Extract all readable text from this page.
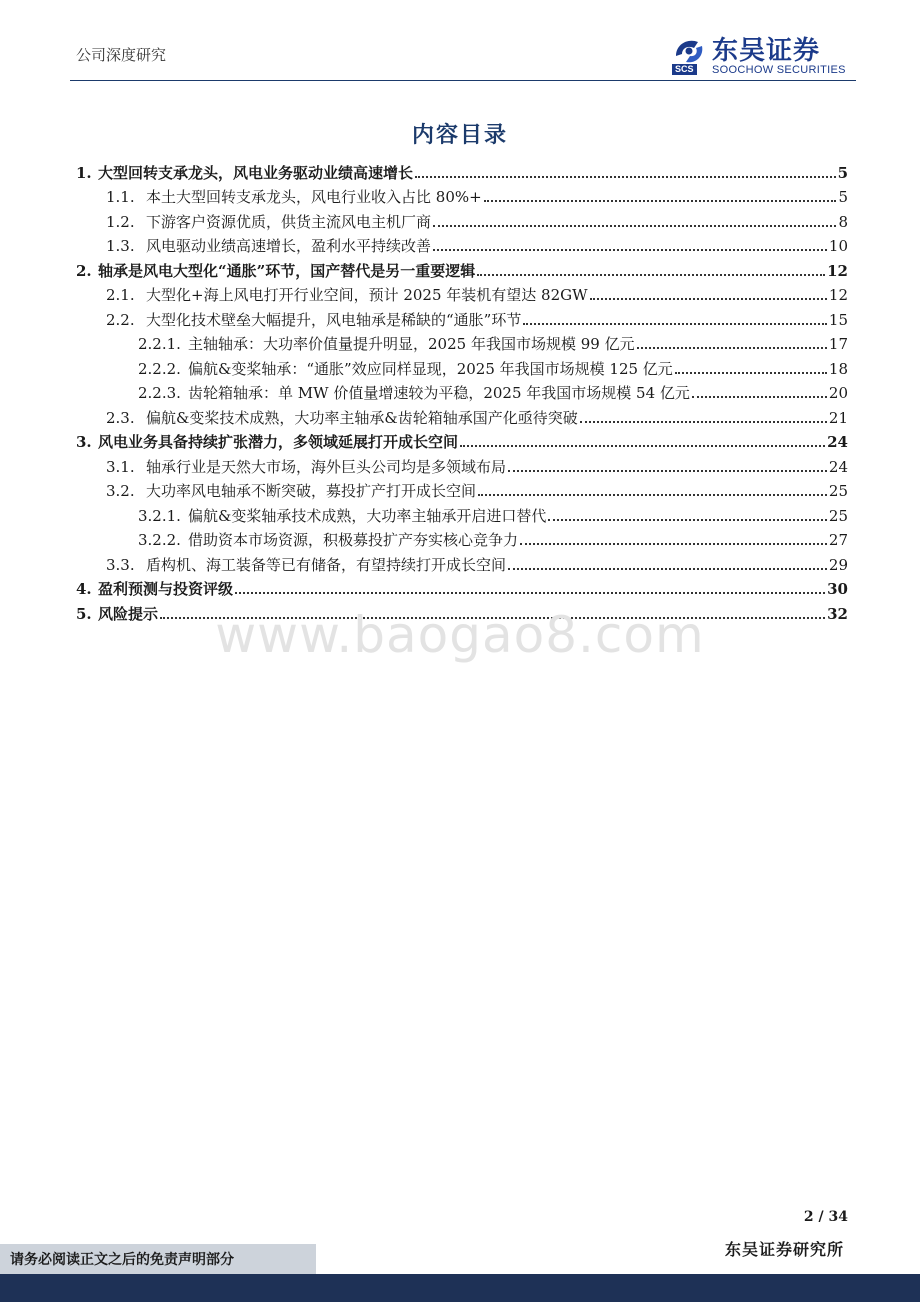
公司深度研究
SCS
东吴证券
SOOCHOW SECURITIES
内容目录
1. 大型回转支承龙头，风电业务驱动业绩高速增长	5
1.1. 本土大型回转支承龙头，风电行业收入占比 80%+	5
1.2. 下游客户资源优质，供货主流风电主机厂商	8
1.3. 风电驱动业绩高速增长，盈利水平持续改善	10
2. 轴承是风电大型化“通胀”环节，国产替代是另一重要逻辑	12
2.1. 大型化+海上风电打开行业空间，预计 2025 年装机有望达 82GW	12
2.2. 大型化技术壁垒大幅提升，风电轴承是稀缺的“通胀”环节	15
2.2.1. 主轴轴承：大功率价值量提升明显，2025 年我国市场规模 99 亿元	17
2.2.2. 偏航&变桨轴承：“通胀”效应同样显现，2025 年我国市场规模 125 亿元	18
2.2.3. 齿轮箱轴承：单 MW 价值量增速较为平稳，2025 年我国市场规模 54 亿元	20
2.3. 偏航&变桨技术成熟，大功率主轴承&齿轮箱轴承国产化亟待突破	21
3. 风电业务具备持续扩张潜力，多领域延展打开成长空间	24
3.1. 轴承行业是天然大市场，海外巨头公司均是多领域布局	24
3.2. 大功率风电轴承不断突破，募投扩产打开成长空间	25
3.2.1. 偏航&变桨轴承技术成熟，大功率主轴承开启进口替代	25
3.2.2. 借助资本市场资源，积极募投扩产夯实核心竞争力	27
3.3. 盾构机、海工装备等已有储备，有望持续打开成长空间	29
4. 盈利预测与投资评级	30
5. 风险提示	32
www.baogao8.com
2 / 34
东吴证券研究所
请务必阅读正文之后的免责声明部分
